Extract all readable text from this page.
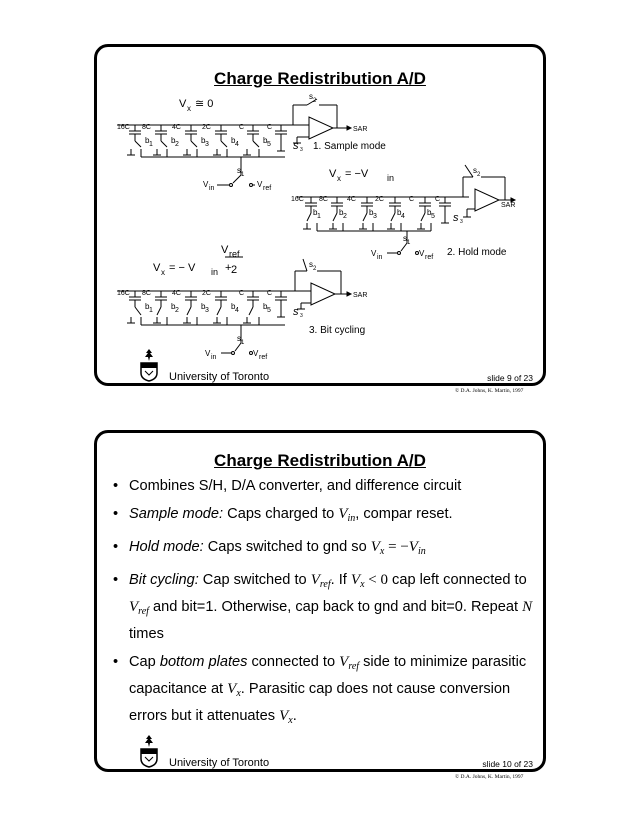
Charge Redistribution A/D
V x ≅ 0
16C 8C	4C	2C	C	C
b 1 b 2	b 3	b 4	b 5
s 2
s 1
s 3
SAR
V in	V ref
1. Sample mode
V x = −V in
16C 8C	4C	2C	C	C
b 1 b 2	b 3	b 4	b 5
s 2
s 1
s 3
SAR
V in	V ref 2. Hold mode
V x = − V in +
V ref
2
16C 8C	4C	2C	C	C
b 1 b 2	b 3	b 4	b 5
s 2
s 1
s 3
SAR
V in	V ref
3. Bit cycling
University of Toronto	slide 9 of 23
© D.A. Johns, K. Martin, 1997
Charge Redistribution A/D
• Combines S/H, D/A converter, and difference circuit
• Sample mode: Caps charged to $V_{in}$, compar reset.
• Hold mode: Caps switched to gnd so $V_x = -V_{in}$
• Bit cycling: Cap switched to $V_{ref}$. If $V_x < 0$ cap left connected to $V_{ref}$ and bit=1. Otherwise, cap back to gnd and bit=0. Repeat N times
• Cap bottom plates connected to $V_{ref}$ side to minimize parasitic capacitance at $V_x$. Parasitic cap does not cause conversion errors but it attenuates $V_x$.
University of Toronto	slide 10 of 23
© D.A. Johns, K. Martin, 1997
